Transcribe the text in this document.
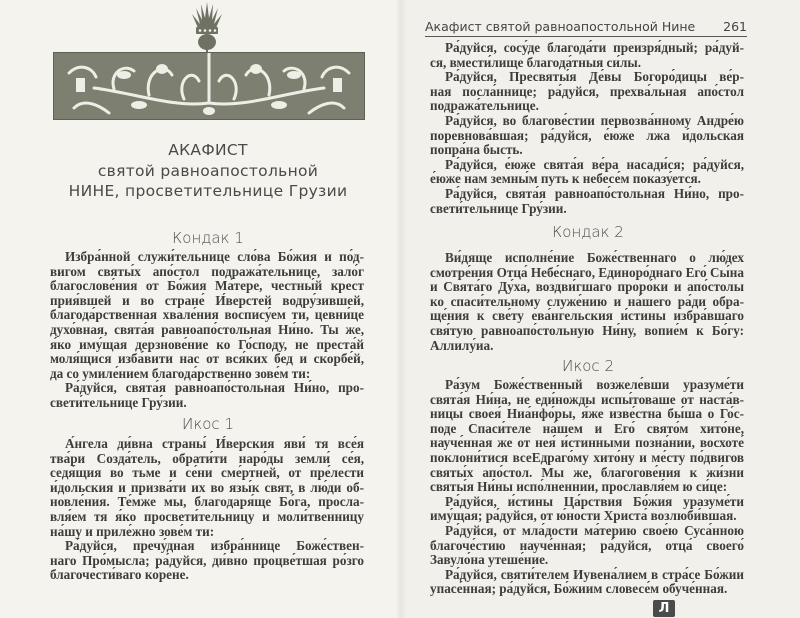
АКАФИСТ
святой равноапостольной
НИНЕ, просветительнице Грузии
Кондак 1
Избра́нной служи́тельнице сло́ва Бо́жия и по́д-
вигом святы́х апо́стол подража́тельнице, зало́г
благослове́ния от Бо́жия Ма́тере, честны́й крест
прия́вшей и во стране́ И́верстей водру́зившей,
благода́рственная хвале́ния воспису́ем ти, цевни́це
духо́вная, свята́я равноапо́стольная Ни́но. Ты же,
я́ко иму́щая дерзнове́ние ко Го́споду, не преста́й
моля́щися изба́вити нас от вся́ких бед и скорбе́й,
да со умиле́нием благода́рственно зове́м ти:
Ра́дуйся, свята́я равноапо́стольная Ни́но, про-
свети́тельнице Гру́зии.
Икос 1
А́нгела ди́вна страны́ И́верския яви́ тя все́я
тва́ри Созда́тель, обрати́ти наро́ды земли́ се́я,
седя́щия во тьме и се́ни сме́ртней, от пре́лести
и́дольския и призва́ти их во язы́к свят, в лю́ди об-
новле́ния. Те́мже мы, благодаря́ще Бо́га, просла-
вля́ем тя я́ко просвети́тельницу и моли́твенницу
на́шу и приле́жно зове́м ти:
Ра́дуйся, пречу́дная избра́ннице Боже́ствен-
наго Про́мысла; ра́дуйся, ди́вно процве́тшая ро́зго
благочести́ваго ко́рене.
Акафист святой равноапостольной Нине 261
Ра́дуйся, сосу́де благода́ти преизря́дный; ра́дуй-
ся, вмести́лище благода́тныя си́лы.
Ра́дуйся, Пресвяты́я Де́вы Богоро́дицы ве́р-
ная посла́ннице; ра́дуйся, прехва́льная апо́стол
подража́тельнице.
Ра́дуйся, во благове́стии первозва́нному Андре́ю
поревнова́вшая; ра́дуйся, е́юже лжа и́дольская
попра́на бысть.
Ра́дуйся, е́юже свята́я ве́ра насади́ся; ра́дуйся,
е́юже нам земны́м путь к небесе́м показу́ется.
Ра́дуйся, свята́я равноапо́стольная Ни́но, про-
свети́тельнице Гру́зии.
Кондак 2
Ви́дяще исполне́ние Боже́ственнаго о лю́дех
смотре́ния Отца́ Небе́снаго, Единоро́днаго Его́ Сы́на
и Свята́го Ду́ха, воздви́гшаго проро́ки и апо́столы
ко спаси́тельному служе́нию и на́шего ра́ди обра-
ще́ния к све́ту ева́нгельския и́стины избра́вшаго
свя́тую равноапо́стольную Ни́ну, вопие́м к Бо́гу:
Аллилу́иа.
Икос 2
Ра́зум Боже́ственный возжеле́вши уразуме́ти
свята́я Ни́на, не еди́ножды испы́товаше от наста́в-
ницы своея́ Ниа́нфо́ры, я́же изве́стна бы́ша о Го́с-
поде Спаси́теле на́шем и Его́ свято́м хито́не,
науче́нная же от нея́ и́стинными позна́нии, восхоте́
поклони́тися всеЕдраго́му хито́ну и ме́сту по́двигов
святы́х апо́стол. Мы же, благогове́ния к жи́зни
святы́я Ни́ны испо́лненнии, прославля́ем ю си́це:
Ра́дуйся, и́стины Ца́рствия Бо́жия уразуме́ти
иму́щая; ра́дуйся, от ю́ности Христа́ возлюби́вшая.
Ра́дуйся, от мла́дости ма́терию свое́ю Суса́нною
благоче́стию науче́нная; ра́дуйся, отца́ своего́
Завуло́на утеше́ние.
Ра́дуйся, святи́телем Иувена́лием в стра́се Бо́жии
упасе́нная; ра́дуйся, Бо́жиим словесе́м обуче́нная.
Л
